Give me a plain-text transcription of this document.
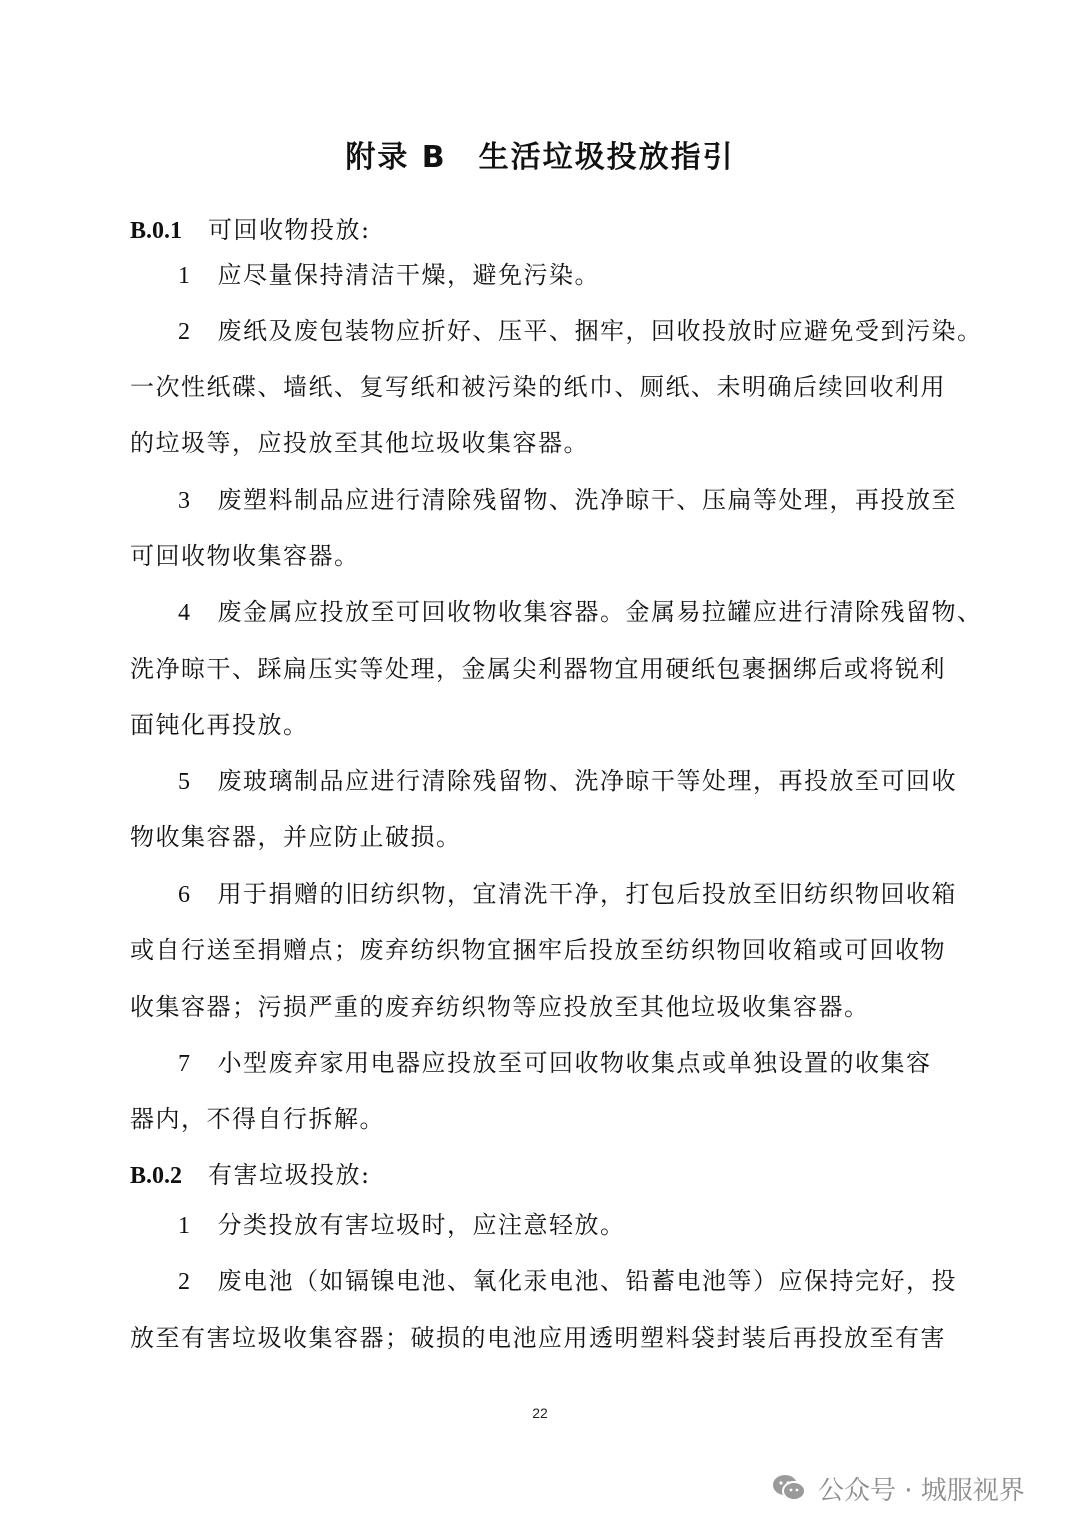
附录 B　生活垃圾投放指引
B.0.1 可回收物投放:
1 应尽量保持清洁干燥，避免污染。
2 废纸及废包装物应折好、压平、捆牢，回收投放时应避免受到污染。
一次性纸碟、墙纸、复写纸和被污染的纸巾、厕纸、未明确后续回收利用
的垃圾等，应投放至其他垃圾收集容器。
3 废塑料制品应进行清除残留物、洗净晾干、压扁等处理，再投放至
可回收物收集容器。
4 废金属应投放至可回收物收集容器。金属易拉罐应进行清除残留物、
洗净晾干、踩扁压实等处理，金属尖利器物宜用硬纸包裹捆绑后或将锐利
面钝化再投放。
5 废玻璃制品应进行清除残留物、洗净晾干等处理，再投放至可回收
物收集容器，并应防止破损。
6 用于捐赠的旧纺织物，宜清洗干净，打包后投放至旧纺织物回收箱
或自行送至捐赠点；废弃纺织物宜捆牢后投放至纺织物回收箱或可回收物
收集容器；污损严重的废弃纺织物等应投放至其他垃圾收集容器。
7 小型废弃家用电器应投放至可回收物收集点或单独设置的收集容
器内，不得自行拆解。
B.0.2 有害垃圾投放:
1 分类投放有害垃圾时，应注意轻放。
2 废电池（如镉镍电池、氧化汞电池、铅蓄电池等）应保持完好，投
放至有害垃圾收集容器；破损的电池应用透明塑料袋封装后再投放至有害
22
公众号 · 城服视界
